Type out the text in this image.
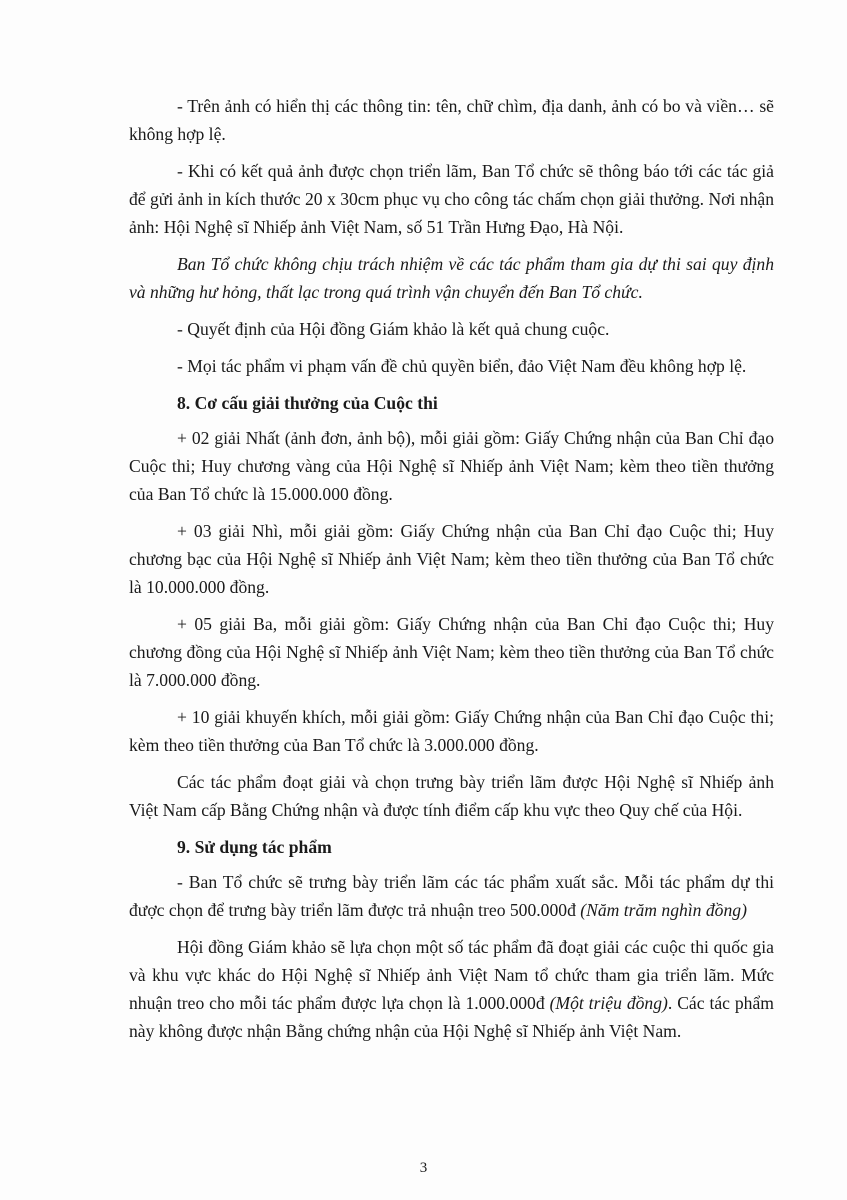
- Trên ảnh có hiển thị các thông tin: tên, chữ chìm, địa danh, ảnh có bo và viền… sẽ không hợp lệ.

- Khi có kết quả ảnh được chọn triển lãm, Ban Tổ chức sẽ thông báo tới các tác giả để gửi ảnh in kích thước 20 x 30cm phục vụ cho công tác chấm chọn giải thưởng. Nơi nhận ảnh: Hội Nghệ sĩ Nhiếp ảnh Việt Nam, số 51 Trần Hưng Đạo, Hà Nội.

Ban Tổ chức không chịu trách nhiệm về các tác phẩm tham gia dự thi sai quy định và những hư hỏng, thất lạc trong quá trình vận chuyển đến Ban Tổ chức.

- Quyết định của Hội đồng Giám khảo là kết quả chung cuộc.

- Mọi tác phẩm vi phạm vấn đề chủ quyền biển, đảo Việt Nam đều không hợp lệ.

8. Cơ cấu giải thưởng của Cuộc thi

+ 02 giải Nhất (ảnh đơn, ảnh bộ), mỗi giải gồm: Giấy Chứng nhận của Ban Chỉ đạo Cuộc thi; Huy chương vàng của Hội Nghệ sĩ Nhiếp ảnh Việt Nam; kèm theo tiền thưởng của Ban Tổ chức là 15.000.000 đồng.

+ 03 giải Nhì, mỗi giải gồm: Giấy Chứng nhận của Ban Chỉ đạo Cuộc thi; Huy chương bạc của Hội Nghệ sĩ Nhiếp ảnh Việt Nam; kèm theo tiền thưởng của Ban Tổ chức là 10.000.000 đồng.

+ 05 giải Ba, mỗi giải gồm: Giấy Chứng nhận của Ban Chỉ đạo Cuộc thi; Huy chương đồng của Hội Nghệ sĩ Nhiếp ảnh Việt Nam; kèm theo tiền thưởng của Ban Tổ chức là 7.000.000 đồng.

+ 10 giải khuyến khích, mỗi giải gồm: Giấy Chứng nhận của Ban Chỉ đạo Cuộc thi; kèm theo tiền thưởng của Ban Tổ chức là 3.000.000 đồng.

Các tác phẩm đoạt giải và chọn trưng bày triển lãm được Hội Nghệ sĩ Nhiếp ảnh Việt Nam cấp Bằng Chứng nhận và được tính điểm cấp khu vực theo Quy chế của Hội.

9. Sử dụng tác phẩm

- Ban Tổ chức sẽ trưng bày triển lãm các tác phẩm xuất sắc. Mỗi tác phẩm dự thi được chọn để trưng bày triển lãm được trả nhuận treo 500.000đ (Năm trăm nghìn đồng)

Hội đồng Giám khảo sẽ lựa chọn một số tác phẩm đã đoạt giải các cuộc thi quốc gia và khu vực khác do Hội Nghệ sĩ Nhiếp ảnh Việt Nam tổ chức tham gia triển lãm. Mức nhuận treo cho mỗi tác phẩm được lựa chọn là 1.000.000đ (Một triệu đồng). Các tác phẩm này không được nhận Bằng chứng nhận của Hội Nghệ sĩ Nhiếp ảnh Việt Nam.

3
